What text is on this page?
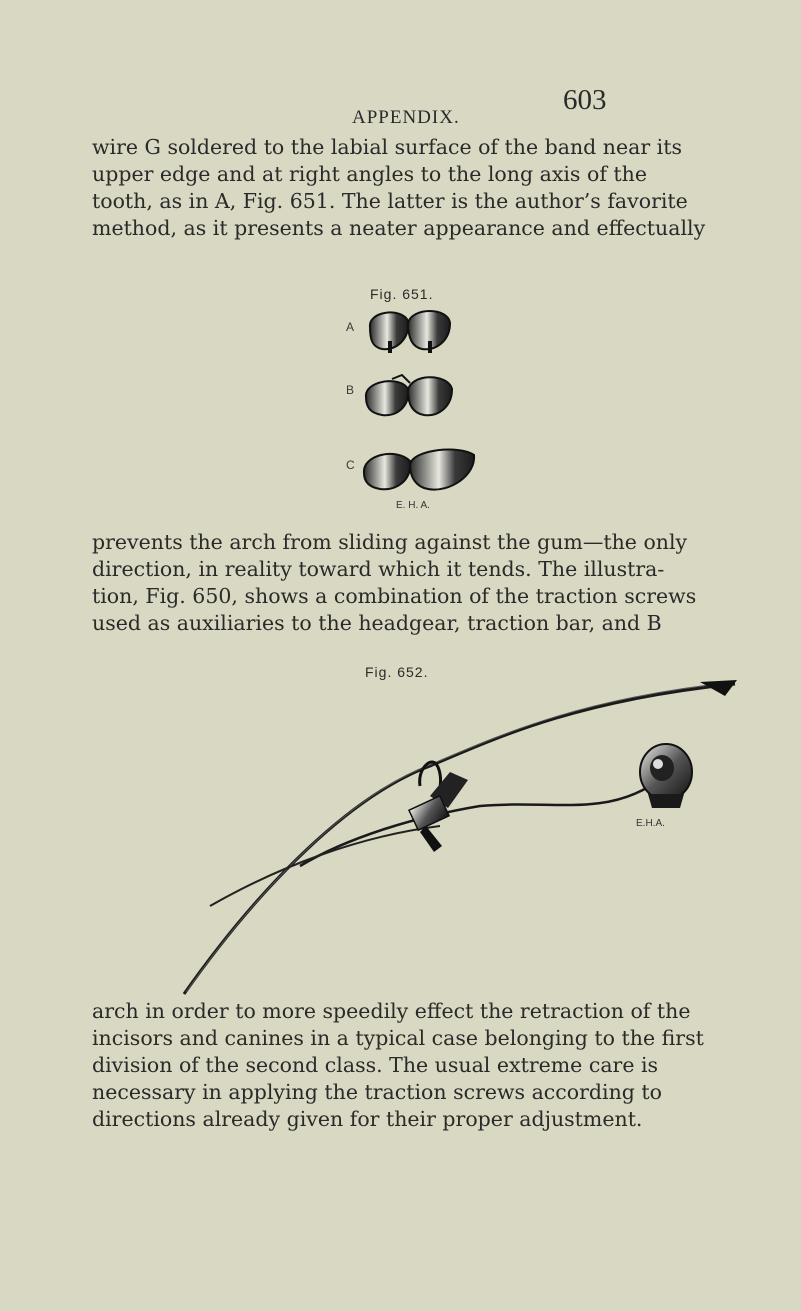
APPENDIX.
603
wire G soldered to the labial surface of the band near its
upper edge and at right angles to the long axis of the
tooth, as in A, Fig. 651. The latter is the author’s favorite
method, as it presents a neater appearance and effectually
Fig. 651.
A
B
C
E. H. A.
prevents the arch from sliding against the gum—the only
direction, in reality toward which it tends. The illustra-
tion, Fig. 650, shows a combination of the traction screws
used as auxiliaries to the headgear, traction bar, and B
Fig. 652.
E.H.A.
arch in order to more speedily effect the retraction of the
incisors and canines in a typical case belonging to the first
division of the second class. The usual extreme care is
necessary in applying the traction screws according to
directions already given for their proper adjustment.
